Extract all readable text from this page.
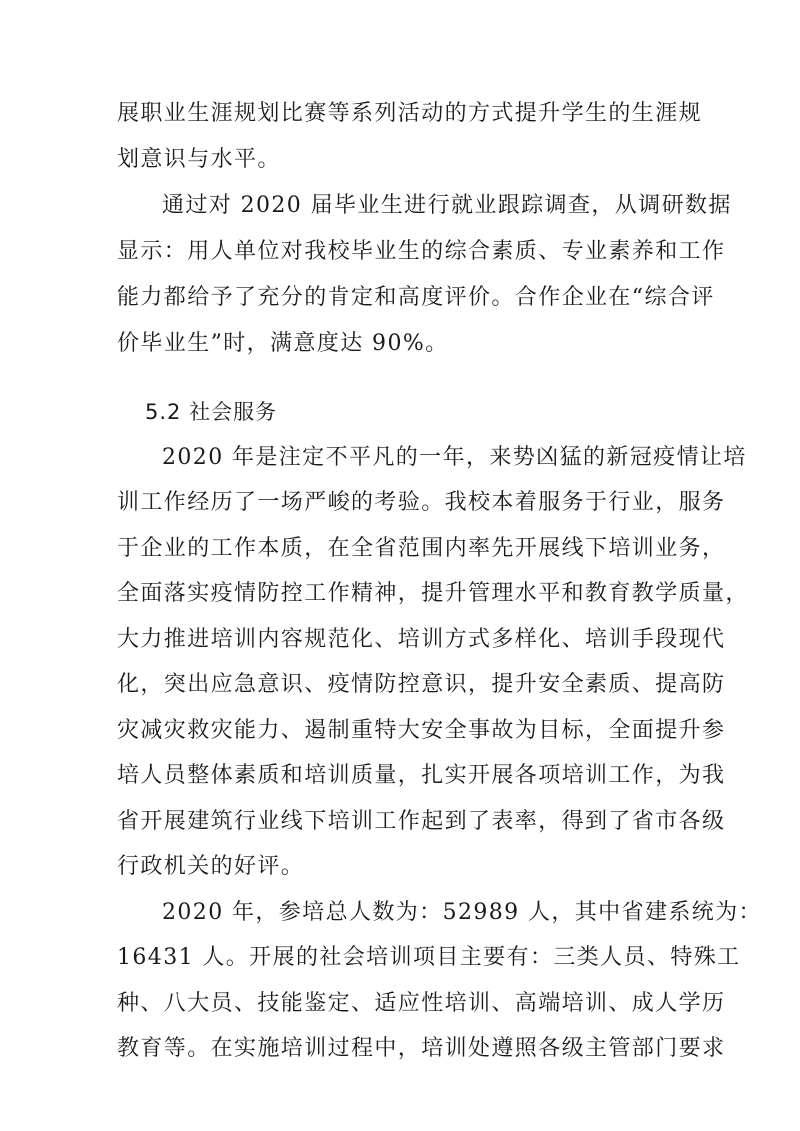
展职业生涯规划比赛等系列活动的方式提升学生的生涯规
划意识与水平。
通过对 2020 届毕业生进行就业跟踪调查，从调研数据
显示：用人单位对我校毕业生的综合素质、专业素养和工作
能力都给予了充分的肯定和高度评价。合作企业在“综合评
价毕业生”时，满意度达 90%。
5.2 社会服务
2020 年是注定不平凡的一年，来势凶猛的新冠疫情让培
训工作经历了一场严峻的考验。我校本着服务于行业，服务
于企业的工作本质，在全省范围内率先开展线下培训业务，
全面落实疫情防控工作精神，提升管理水平和教育教学质量，
大力推进培训内容规范化、培训方式多样化、培训手段现代
化，突出应急意识、疫情防控意识，提升安全素质、提高防
灾减灾救灾能力、遏制重特大安全事故为目标，全面提升参
培人员整体素质和培训质量，扎实开展各项培训工作，为我
省开展建筑行业线下培训工作起到了表率，得到了省市各级
行政机关的好评。
2020 年，参培总人数为：52989 人，其中省建系统为：
16431 人。开展的社会培训项目主要有：三类人员、特殊工
种、八大员、技能鉴定、适应性培训、高端培训、成人学历
教育等。在实施培训过程中，培训处遵照各级主管部门要求
